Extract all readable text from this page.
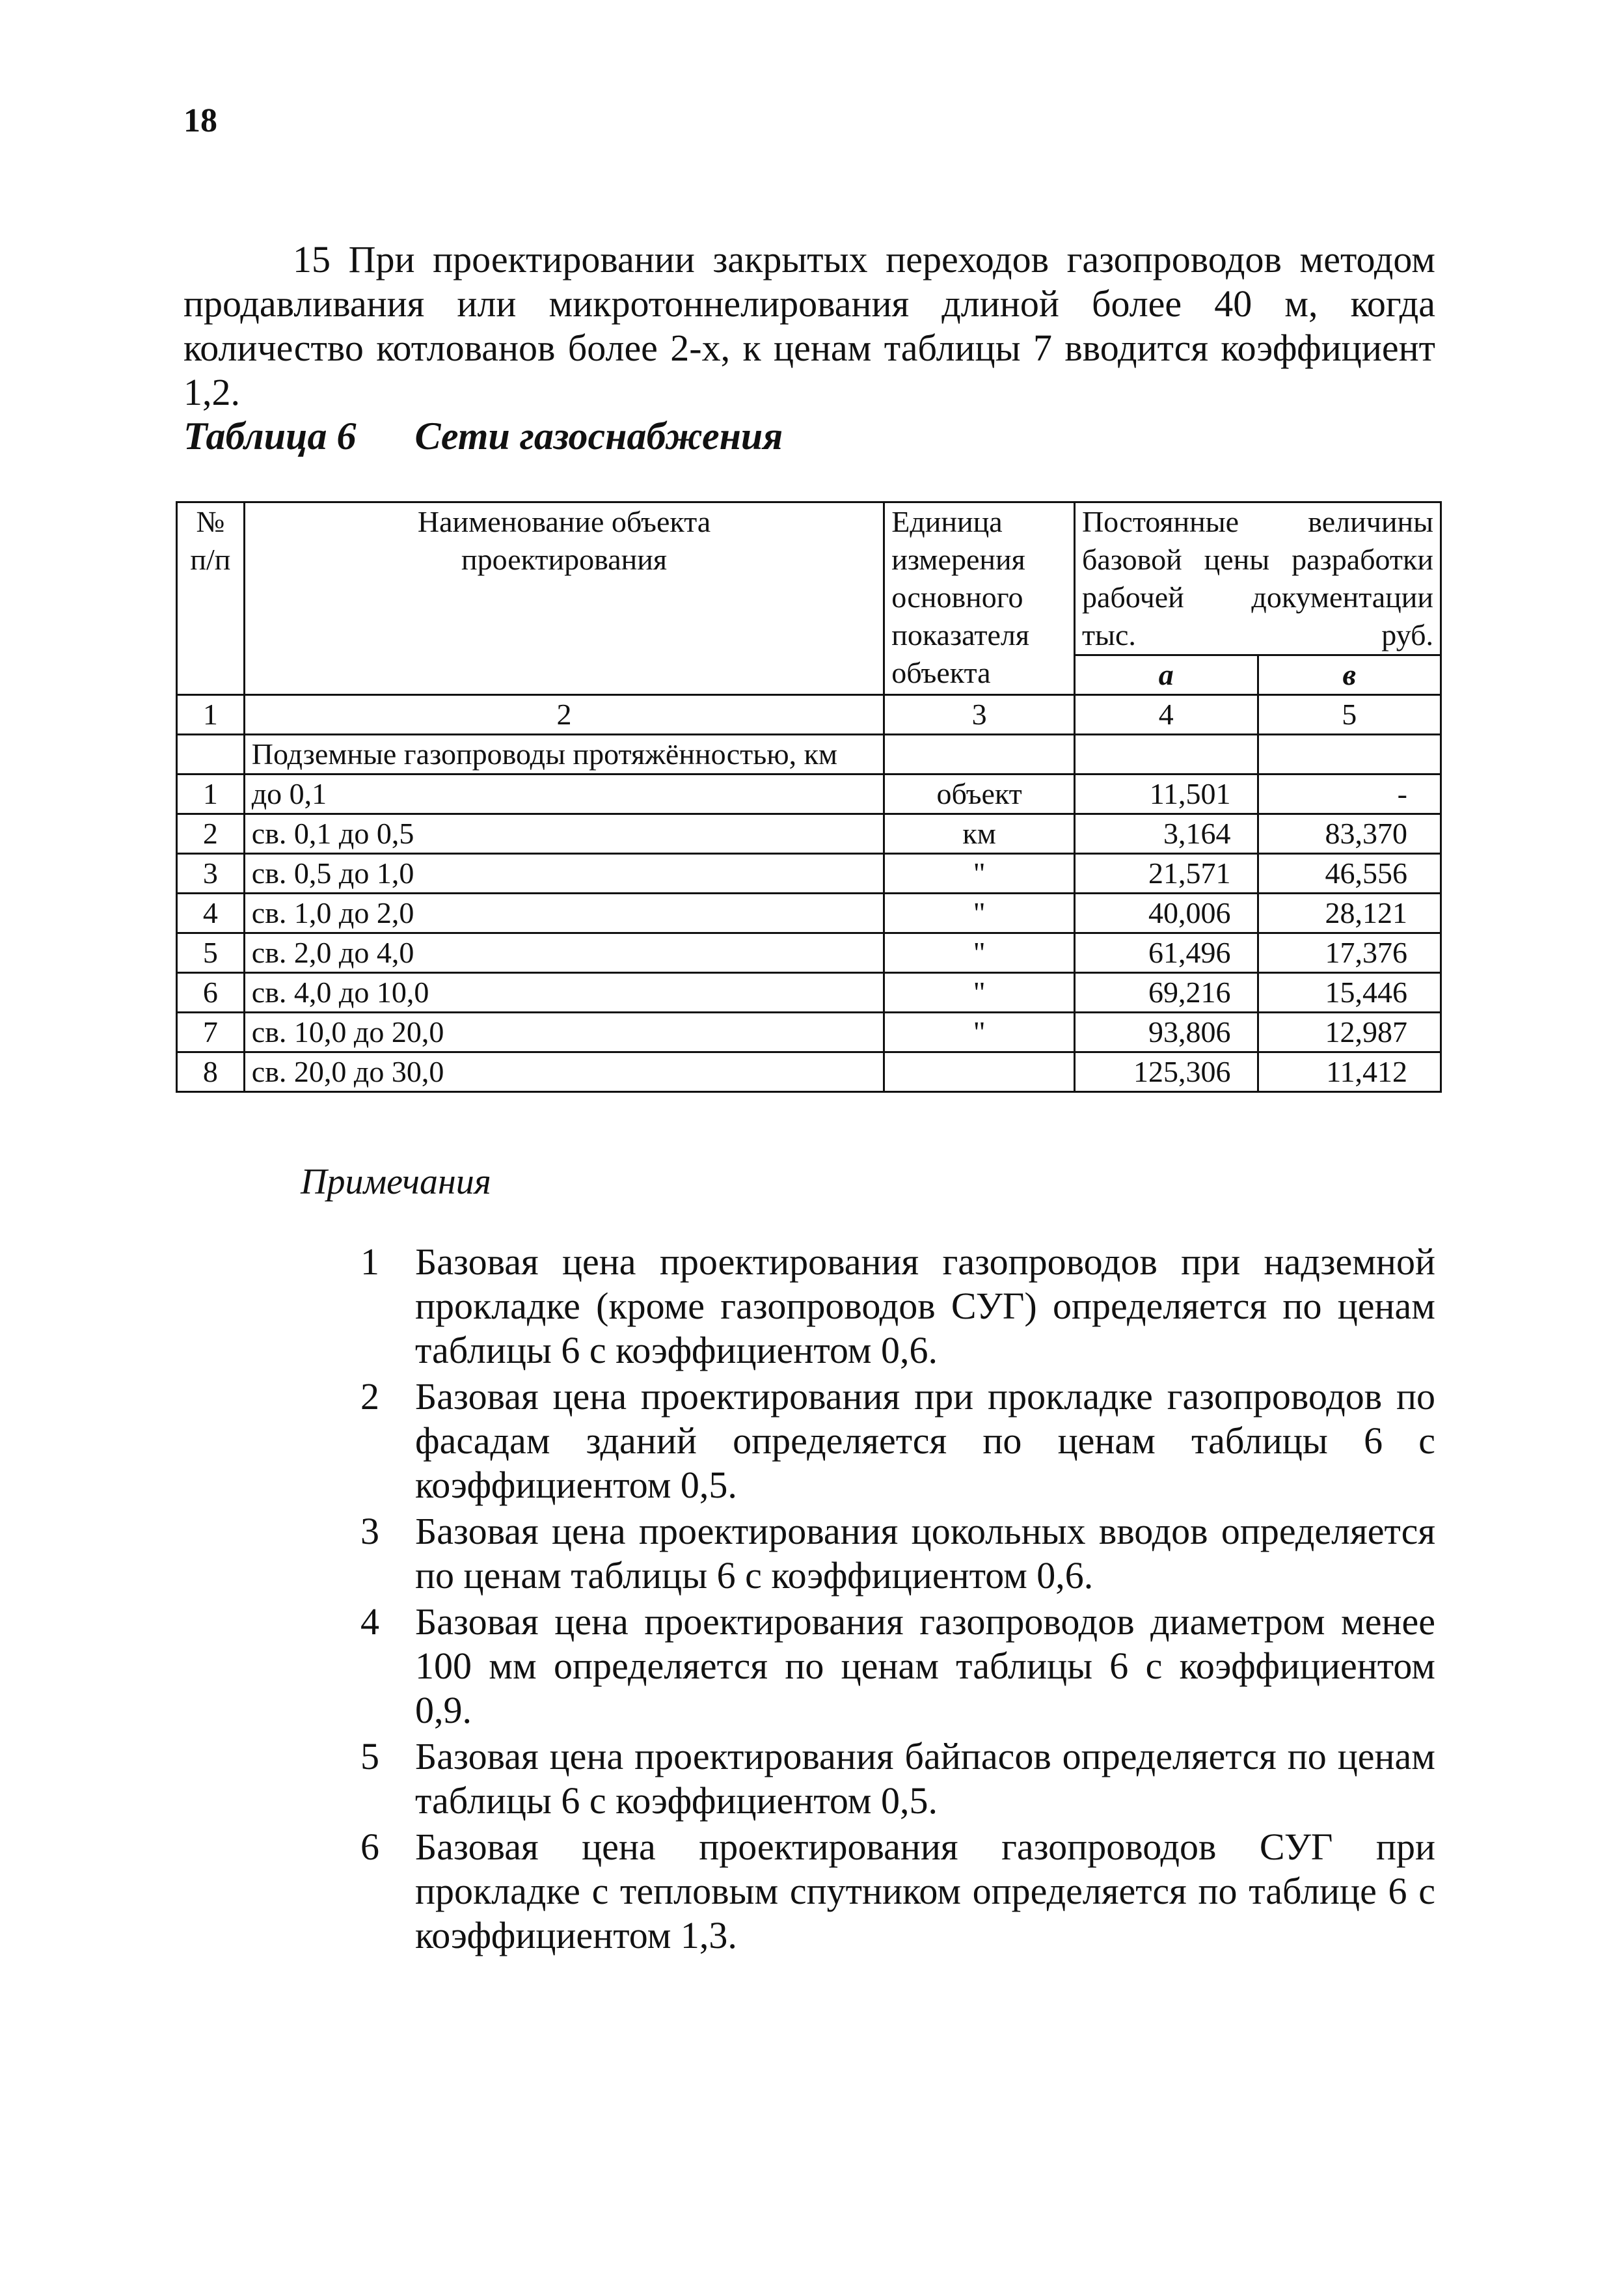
18
15 При проектировании закрытых переходов газопроводов методом продавливания или микротоннелирования длиной более 40 м, когда количество котлованов более 2-х, к ценам таблицы 7 вводится коэффициент 1,2.
Таблица 6 Сети газоснабжения
№ п/п	Наименование объекта проектирования	Единица измерения основного показателя объекта	Постоянные величины базовой цены разработки рабочей документации тыс. руб.	
			а	в
1	2	3	4	5
	Подземные газопроводы протяжённостью, км			
1	до 0,1	объект	11,501	-
2	св. 0,1 до 0,5	км	3,164	83,370
3	св. 0,5 до 1,0	"	21,571	46,556
4	св. 1,0 до 2,0	"	40,006	28,121
5	св. 2,0 до 4,0	"	61,496	17,376
6	св. 4,0 до 10,0	"	69,216	15,446
7	св. 10,0 до 20,0	"	93,806	12,987
8	св. 20,0 до 30,0		125,306	11,412
Примечания
1 Базовая цена проектирования газопроводов при надземной прокладке (кроме газопроводов СУГ) определяется по ценам таблицы 6 с коэффициентом 0,6.
2 Базовая цена проектирования при прокладке газопроводов по фасадам зданий определяется по ценам таблицы 6 с коэффициентом 0,5.
3 Базовая цена проектирования цокольных вводов определяется по ценам таблицы 6 с коэффициентом 0,6.
4 Базовая цена проектирования газопроводов диаметром менее 100 мм определяется по ценам таблицы 6 с коэффициентом 0,9.
5 Базовая цена проектирования байпасов определяется по ценам таблицы 6 с коэффициентом 0,5.
6 Базовая цена проектирования газопроводов СУГ при прокладке с тепловым спутником определяется по таблице 6 с коэффициентом 1,3.
